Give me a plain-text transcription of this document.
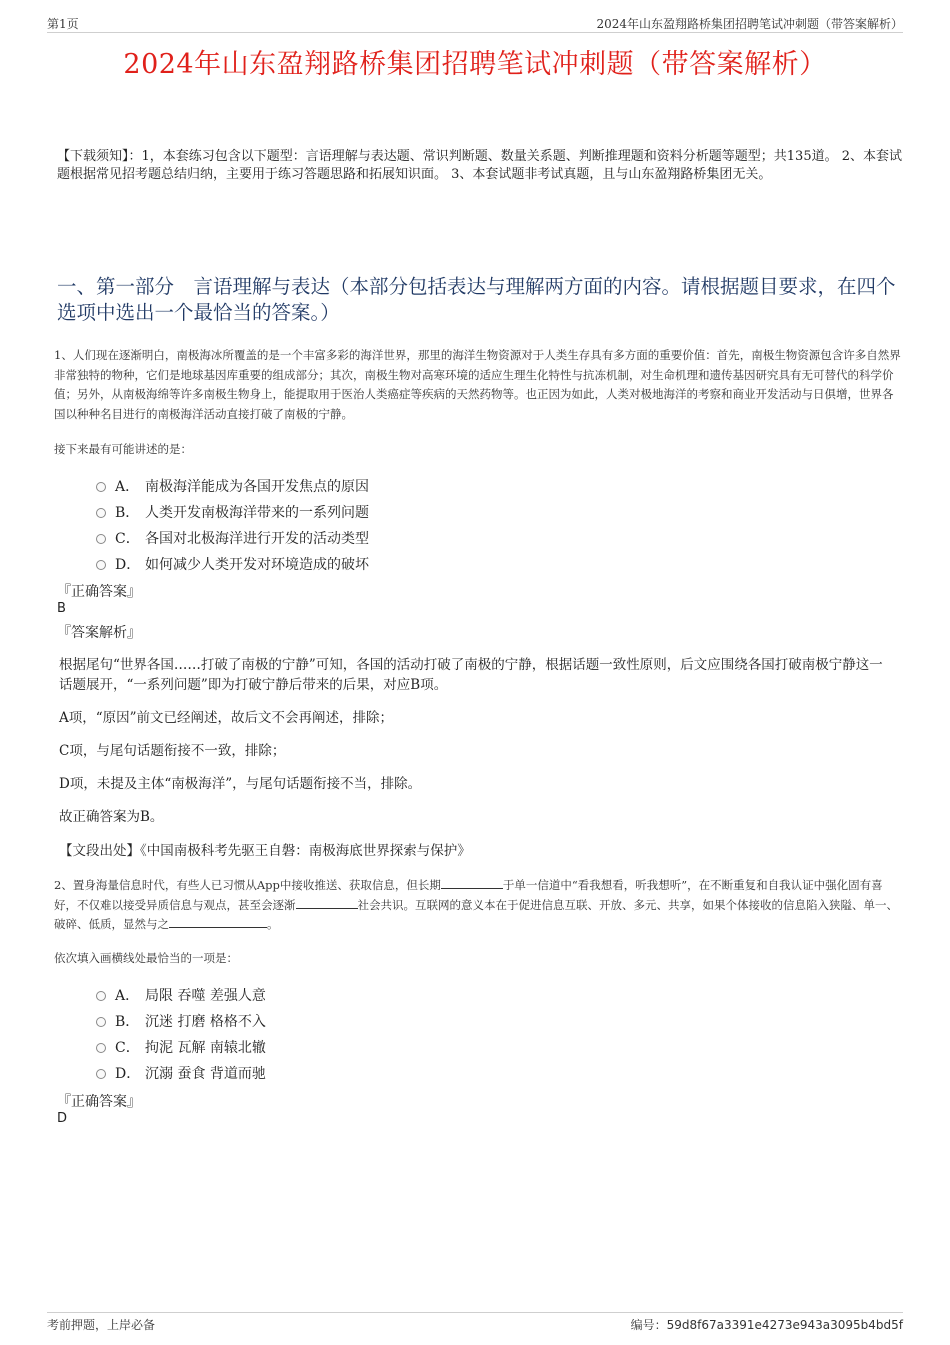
第1页	2024年山东盈翔路桥集团招聘笔试冲刺题（带答案解析）
2024年山东盈翔路桥集团招聘笔试冲刺题（带答案解析）
【下载须知】：1，本套练习包含以下题型：言语理解与表达题、常识判断题、数量关系题、判断推理题和资料分析题等题型；共135道。 2、本套试题根据常见招考题总结归纳，主要用于练习答题思路和拓展知识面。 3、本套试题非考试真题，且与山东盈翔路桥集团无关。
一、第一部分　言语理解与表达（本部分包括表达与理解两方面的内容。请根据题目要求，在四个选项中选出一个最恰当的答案。）
1、人们现在逐渐明白，南极海冰所覆盖的是一个丰富多彩的海洋世界，那里的海洋生物资源对于人类生存具有多方面的重要价值：首先，南极生物资源包含许多自然界非常独特的物种，它们是地球基因库重要的组成部分；其次，南极生物对高寒环境的适应生理生化特性与抗冻机制，对生命机理和遗传基因研究具有无可替代的科学价值；另外，从南极海绵等许多南极生物身上，能提取用于医治人类癌症等疾病的天然药物等。也正因为如此，人类对极地海洋的考察和商业开发活动与日俱增，世界各国以种种名目进行的南极海洋活动直接打破了南极的宁静。
接下来最有可能讲述的是：
A． 南极海洋能成为各国开发焦点的原因
B． 人类开发南极海洋带来的一系列问题
C． 各国对北极海洋进行开发的活动类型
D． 如何减少人类开发对环境造成的破坏
『正确答案』
B
『答案解析』
根据尾句“世界各国……打破了南极的宁静”可知，各国的活动打破了南极的宁静，根据话题一致性原则，后文应围绕各国打破南极宁静这一话题展开，“一系列问题”即为打破宁静后带来的后果，对应B项。
A项，“原因”前文已经阐述，故后文不会再阐述，排除；
C项，与尾句话题衔接不一致，排除；
D项，未提及主体“南极海洋”，与尾句话题衔接不当，排除。
故正确答案为B。
【文段出处】《中国南极科考先驱王自磐：南极海底世界探索与保护》
2、置身海量信息时代，有些人已习惯从App中接收推送、获取信息，但长期	于单一信道中“看我想看，听我想听”，在不断重复和自我认证中强化固有喜好，不仅难以接受异质信息与观点，甚至会逐渐	社会共识。互联网的意义本在于促进信息互联、开放、多元、共享，如果个体接收的信息陷入狭隘、单一、破碎、低质，显然与之	。
依次填入画横线处最恰当的一项是：
A． 局限 吞噬 差强人意
B． 沉迷 打磨 格格不入
C． 拘泥 瓦解 南辕北辙
D． 沉溺 蚕食 背道而驰
『正确答案』
D
考前押题，上岸必备	编号：59d8f67a3391e4273e943a3095b4bd5f
